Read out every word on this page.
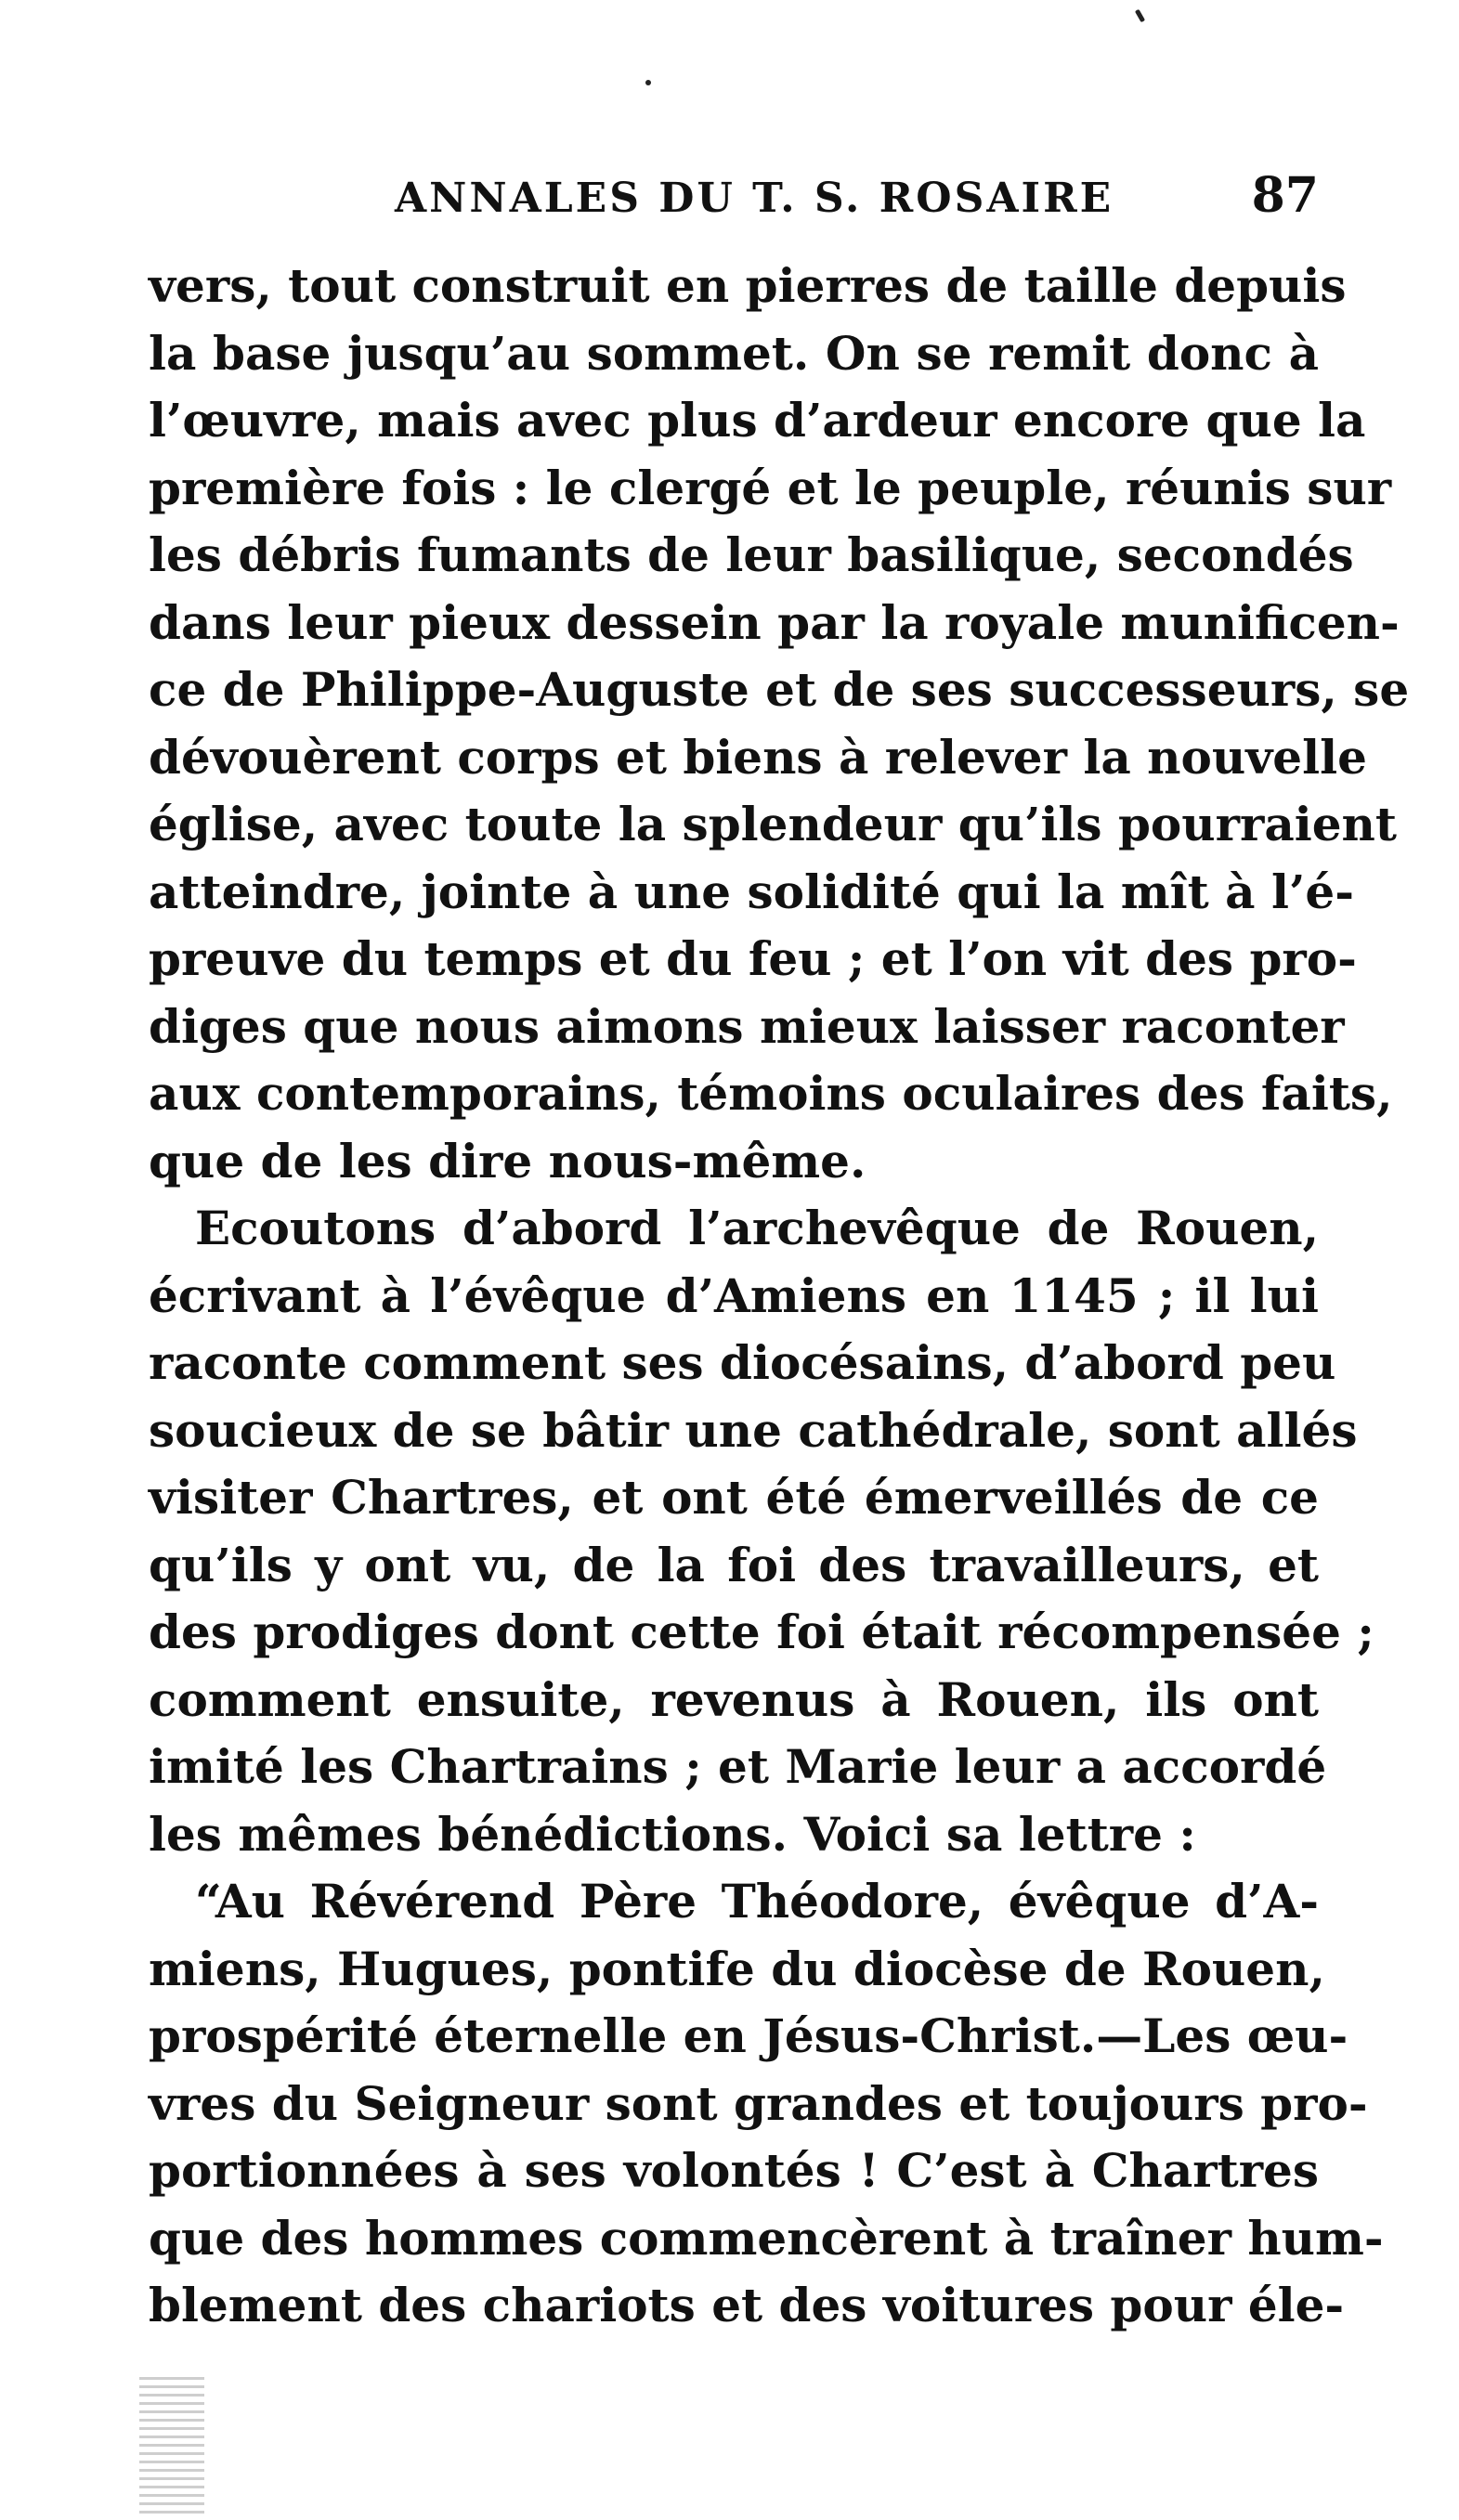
ANNALES DU T. S. ROSAIRE	87
vers, tout construit en pierres de taille depuis
la base jusqu’au sommet. On se remit donc à
l’œuvre, mais avec plus d’ardeur encore que la
première fois : le clergé et le peuple, réunis sur
les débris fumants de leur basilique, secondés
dans leur pieux dessein par la royale munificen-
ce de Philippe-Auguste et de ses successeurs, se
dévouèrent corps et biens à relever la nouvelle
église, avec toute la splendeur qu’ils pourraient
atteindre, jointe à une solidité qui la mît à l’é-
preuve du temps et du feu ; et l’on vit des pro-
diges que nous aimons mieux laisser raconter
aux contemporains, témoins oculaires des faits,
que de les dire nous-même.
Ecoutons d’abord l’archevêque de Rouen,
écrivant à l’évêque d’Amiens en 1145 ; il lui
raconte comment ses diocésains, d’abord peu
soucieux de se bâtir une cathédrale, sont allés
visiter Chartres, et ont été émerveillés de ce
qu’ils y ont vu, de la foi des travailleurs, et
des prodiges dont cette foi était récompensée ;
comment ensuite, revenus à Rouen, ils ont
imité les Chartrains ; et Marie leur a accordé
les mêmes bénédictions. Voici sa lettre :
“Au Révérend Père Théodore, évêque d’A-
miens, Hugues, pontife du diocèse de Rouen,
prospérité éternelle en Jésus-Christ.—Les œu-
vres du Seigneur sont grandes et toujours pro-
portionnées à ses volontés ! C’est à Chartres
que des hommes commencèrent à traîner hum-
blement des chariots et des voitures pour éle-
